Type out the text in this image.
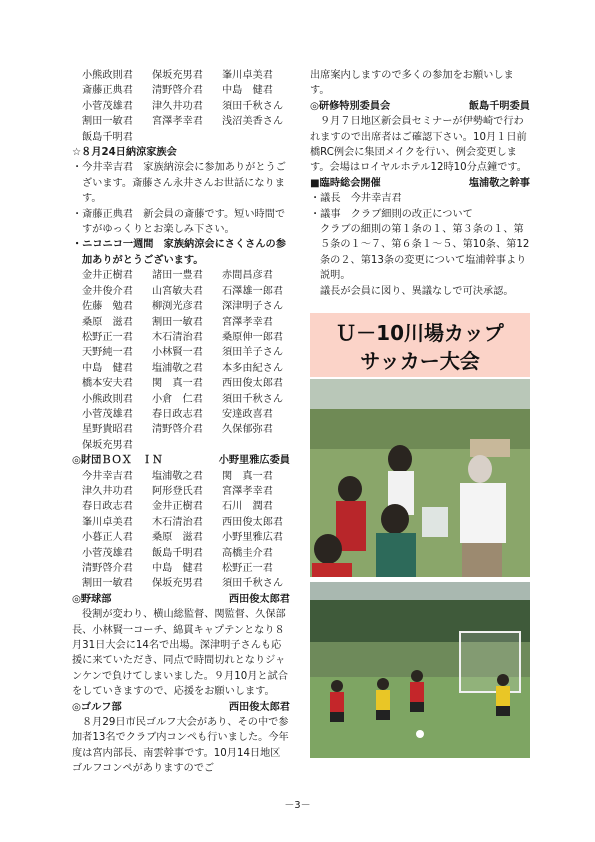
小熊政則君	保坂充男君	峯川卓美君
斎藤正典君	清野啓介君	中島　健君
小菅茂雄君	津久井功君	須田千秋さん
割田一敏君	宮澤孝幸君	浅沼美香さん
飯島千明君
☆８月24日納涼家族会
・今井幸吉君　家族納涼会に参加ありがとうございます。斎藤さん永井さんお世話になります。
・斎藤正典君　新会員の斎藤です。短い時間ですがゆっくりとお楽しみ下さい。
・ニコニコ一週間　家族納涼会にさくさんの参加ありがとうございます。
金井正樹君	諸田一豊君	赤間昌彦君
金井俊介君	山宮敏夫君	石澤雄一郎君
佐藤　勉君	柳渕光彦君	深津明子さん
桑原　滋君	割田一敏君	宮澤孝幸君
松野正一君	木石清治君	桑原伸一郎君
天野純一君	小林賢一君	須田羊子さん
中島　健君	塩浦敬之君	本多由紀さん
橋本安夫君	関　真一君	西田俊太郎君
小熊政則君	小倉　仁君	須田千秋さん
小菅茂雄君	春日政志君	安達政喜君
星野貴昭君	清野啓介君	久保郁弥君
保坂充男君
◎財団ＢＯＸ　ＩＮ	小野里雅広委員
今井幸吉君	塩浦敬之君	関　真一君
津久井功君	阿形登氏君	宮澤孝幸君
春日政志君	金井正樹君	石川　潤君
峯川卓美君	木石清治君	西田俊太郎君
小暮正人君	桑原　滋君	小野里雅広君
小菅茂雄君	飯島千明君	高橋圭介君
清野啓介君	中島　健君	松野正一君
割田一敏君	保坂充男君	須田千秋さん
◎野球部	西田俊太郎君
役割が変わり、横山総監督、関監督、久保部長、小林賢一コーチ、綿貫キャプテンとなり８月31日大会に14名で出場。深津明子さんも応援に来ていただき、同点で時間切れとなりジャンケンで負けてしまいました。９月10月と試合をしていきますので、応援をお願いします。
◎ゴルフ部	西田俊太郎君
８月29日市民ゴルフ大会があり、その中で参加者13名でクラブ内コンペも行いました。今年度は宮内部長、南雲幹事です。10月14日地区ゴルフコンペがありますのでご
出席案内しますので多くの参加をお願いします。
◎研修特別委員会	飯島千明委員
９月７日地区新会員セミナーが伊勢崎で行われますので出席者はご確認下さい。10月１日前橋RC例会に集団メイクを行い、例会変更します。会場はロイヤルホテル12時10分点鐘です。
■臨時総会開催	塩浦敬之幹事
・議長　今井幸吉君
・議事　クラブ細則の改正について
クラブの細則の第１条の１、第３条の１、第５条の１～７、第６条１～５、第10条、第12条の２、第13条の変更について塩浦幹事より説明。
議長が会員に図り、異議なしで可決承認。
Ｕ－10川場カップ
サッカー大会
－3－
